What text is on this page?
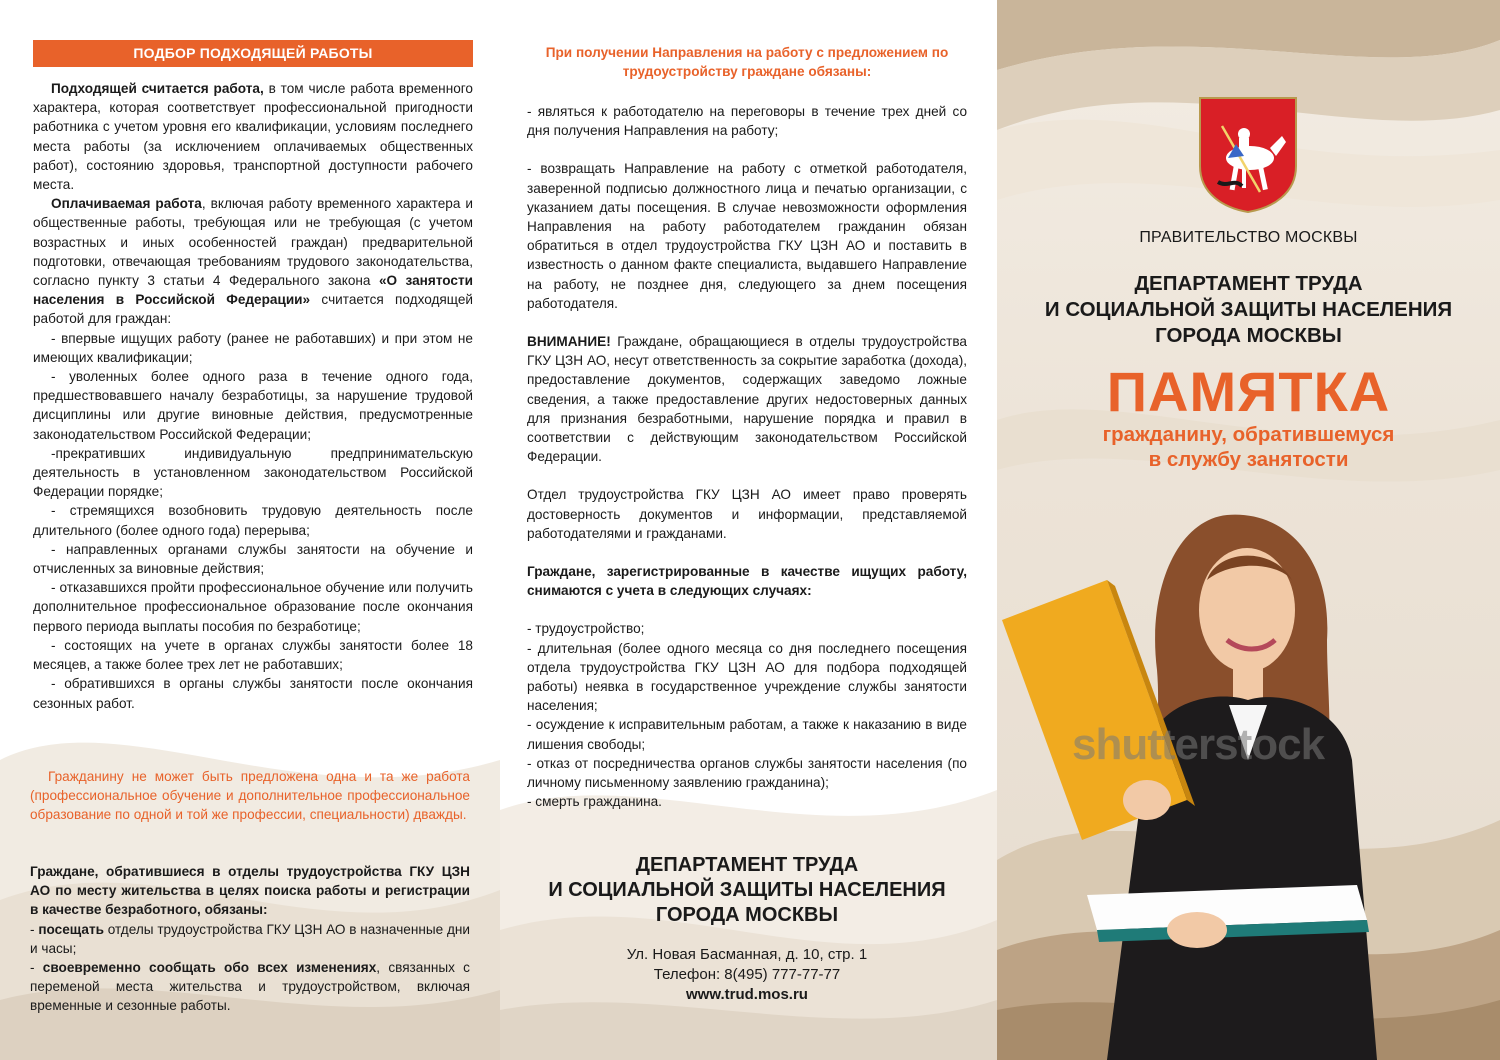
ПОДБОР ПОДХОДЯЩЕЙ РАБОТЫ

Подходящей считается работа, в том числе работа временного характера, которая соответствует профессиональной пригодности работника с учетом уровня его квалификации, условиям последнего места работы (за исключением оплачиваемых общественных работ), состоянию здоровья, транспортной доступности рабочего места.

Оплачиваемая работа, включая работу временного характера и общественные работы, требующая или не требующая (с учетом возрастных и иных особенностей граждан) предварительной подготовки, отвечающая требованиям трудового законодательства, согласно пункту 3 статьи 4 Федерального закона «О занятости населения в Российской Федерации» считается подходящей работой для граждан:

- впервые ищущих работу (ранее не работавших) и при этом не имеющих квалификации;

- уволенных более одного раза в течение одного года, предшествовавшего началу безработицы, за нарушение трудовой дисциплины или другие виновные действия, предусмотренные законодательством Российской Федерации;

-прекративших индивидуальную предпринимательскую деятельность в установленном законодательством Российской Федерации порядке;

- стремящихся возобновить трудовую деятельность после длительного (более одного года) перерыва;

- направленных органами службы занятости на обучение и отчисленных за виновные действия;

- отказавшихся пройти профессиональное обучение или получить дополнительное профессиональное образование после окончания первого периода выплаты пособия по безработице;

- состоящих на учете в органах службы занятости более 18 месяцев, а также более трех лет не работавших;

- обратившихся в органы службы занятости после окончания сезонных работ.

Гражданину не может быть предложена одна и та же работа (профессиональное обучение и дополнительное профессиональное образование по одной и той же профессии, специальности) дважды.

Граждане, обратившиеся в отделы трудоустройства ГКУ ЦЗН АО по месту жительства в целях поиска работы и регистрации в качестве безработного, обязаны:

- посещать отделы трудоустройства ГКУ ЦЗН АО в назначенные дни и часы;

- своевременно сообщать обо всех изменениях, связанных с переменой места жительства и трудоустройством, включая временные и сезонные работы.

При получении Направления на работу с предложением по трудоустройству граждане обязаны:

- являться к работодателю на переговоры в течение трех дней со дня получения Направления на работу;

- возвращать Направление на работу с отметкой работодателя, заверенной подписью должностного лица и печатью организации, с указанием даты посещения. В случае невозможности оформления Направления на работу работодателем гражданин обязан обратиться в отдел трудоустройства ГКУ ЦЗН АО и поставить в известность о данном факте специалиста, выдавшего Направление на работу, не позднее дня, следующего за днем посещения работодателя.

ВНИМАНИЕ! Граждане, обращающиеся в отделы трудоустройства ГКУ ЦЗН АО, несут ответственность за сокрытие заработка (дохода), предоставление документов, содержащих заведомо ложные сведения, а также предоставление других недостоверных данных для признания безработными, нарушение порядка и правил в соответствии с действующим законодательством Российской Федерации.

Отдел трудоустройства ГКУ ЦЗН АО имеет право проверять достоверность документов и информации, представляемой работодателями и гражданами.

Граждане, зарегистрированные в качестве ищущих работу, снимаются с учета в следующих случаях:

- трудоустройство;

- длительная (более одного месяца со дня последнего посещения отдела трудоустройства ГКУ ЦЗН АО для подбора подходящей работы) неявка в государственное учреждение службы занятости населения;

- осуждение к исправительным работам, а также к наказанию в виде лишения свободы;

- отказ от посредничества органов службы занятости населения (по личному письменному заявлению гражданина);

- смерть гражданина.

ДЕПАРТАМЕНТ ТРУДА
И СОЦИАЛЬНОЙ ЗАЩИТЫ НАСЕЛЕНИЯ
ГОРОДА МОСКВЫ
Ул. Новая Басманная, д. 10, стр. 1
Телефон: 8(495) 777-77-77
www.trud.mos.ru
ПРАВИТЕЛЬСТВО МОСКВЫ
ДЕПАРТАМЕНТ ТРУДА
И СОЦИАЛЬНОЙ ЗАЩИТЫ НАСЕЛЕНИЯ
ГОРОДА МОСКВЫ
ПАМЯТКА
гражданину, обратившемуся
в службу занятости
shutterstock
